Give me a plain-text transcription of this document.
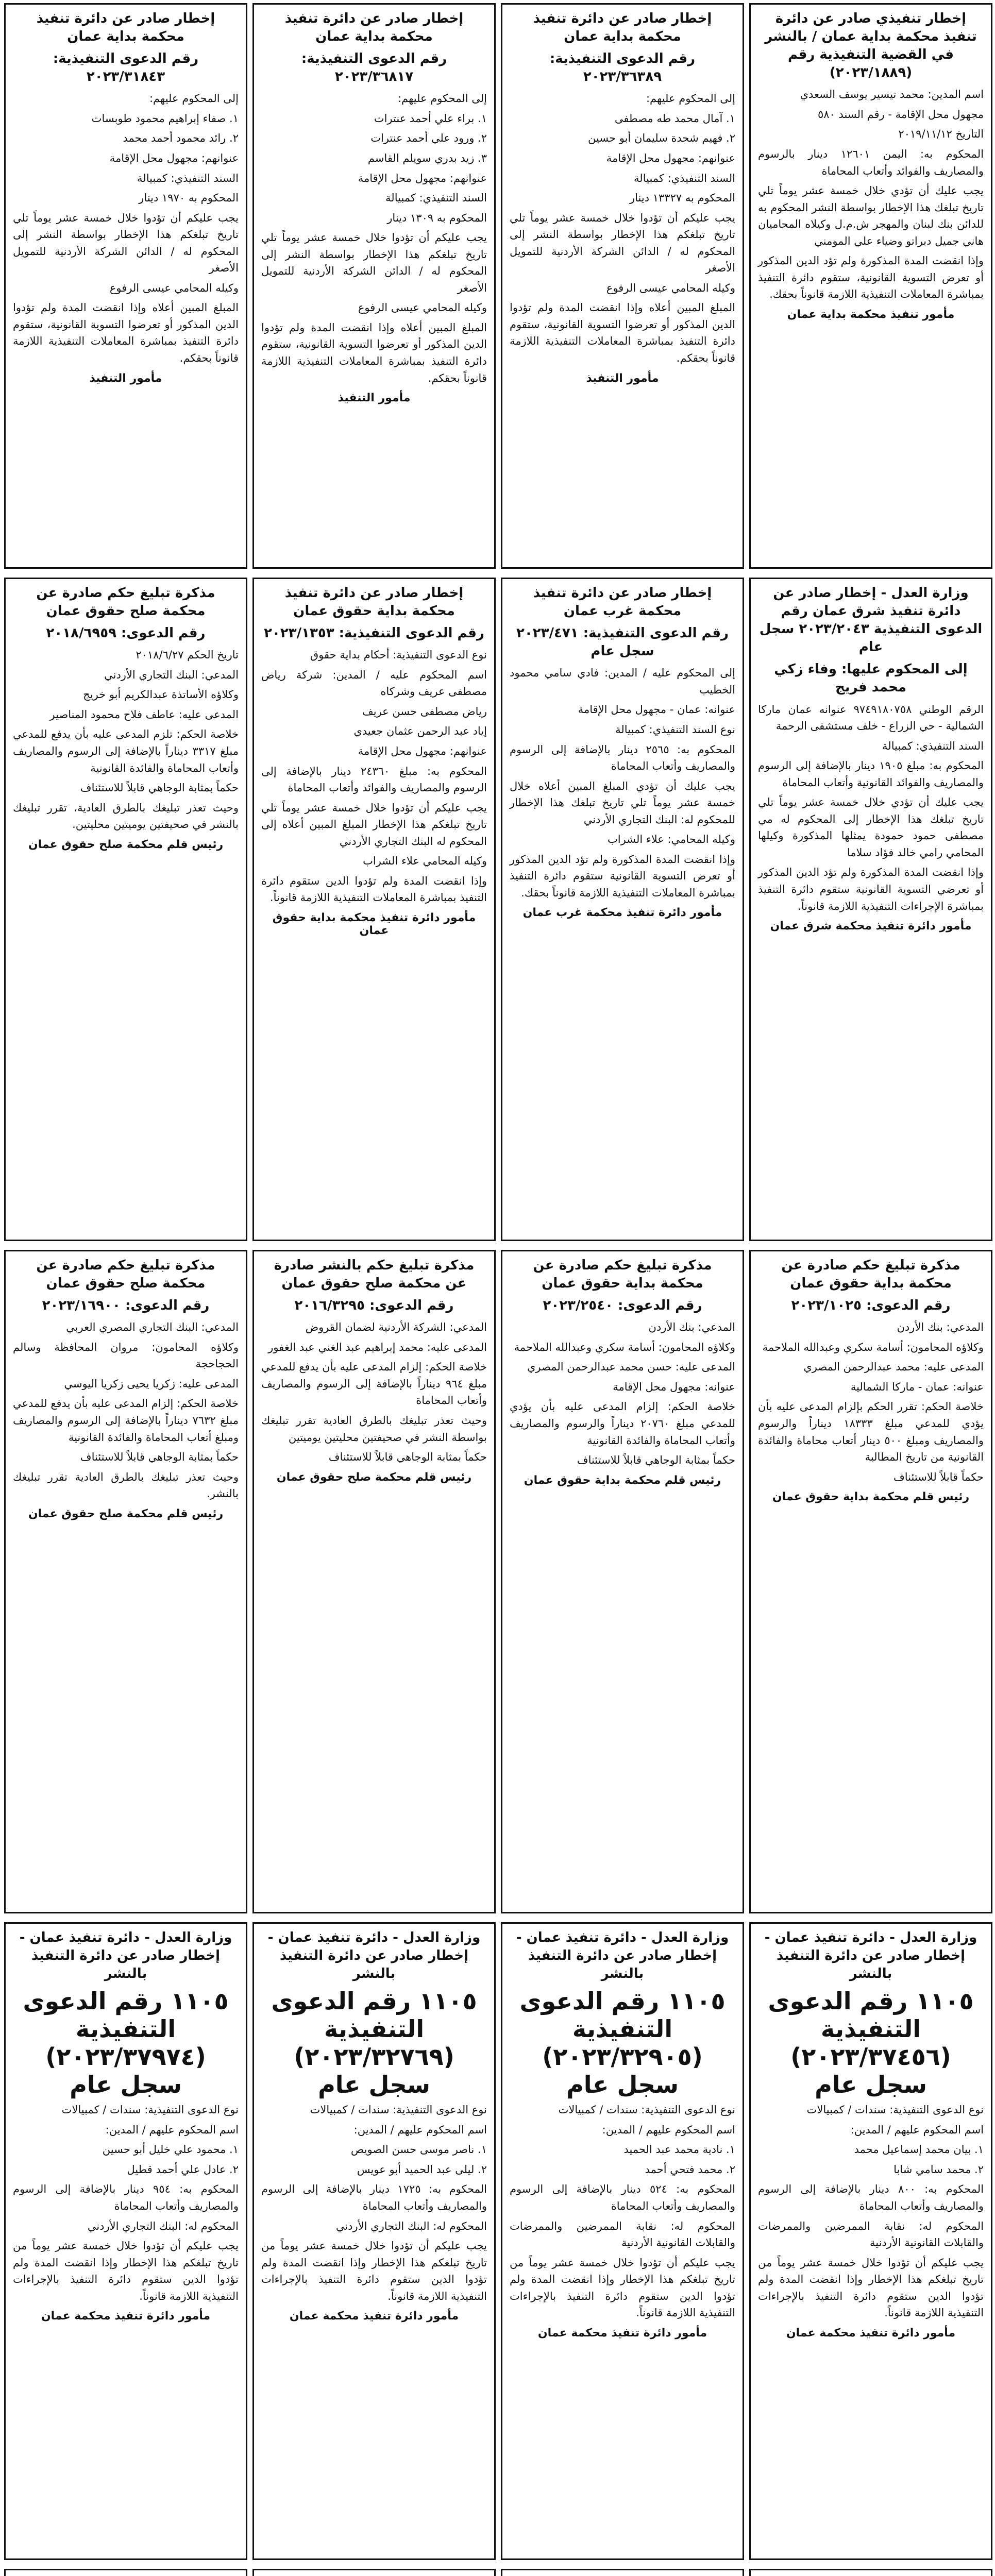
إخطار تنفيذي صادر عن دائرة تنفيذ محكمة بداية عمان / بالنشر في القضية التنفيذية رقم (٢٠٢٣/١٨٨٩)

اسم المدين: محمد تيسير يوسف السعدي

مجهول محل الإقامة - رقم السند ٥٨٠

التاريخ ٢٠١٩/١١/١٢

المحكوم به: اليمن ١٢٦٠١ دينار بالرسوم والمصاريف والفوائد وأتعاب المحاماة

يجب عليك أن تؤدي خلال خمسة عشر يوماً تلي تاريخ تبلغك هذا الإخطار بواسطة النشر المحكوم به للدائن بنك لبنان والمهجر ش.م.ل وكيلاه المحاميان هاني جميل دبراتو وضياء علي المومني

وإذا انقضت المدة المذكورة ولم تؤد الدين المذكور أو تعرض التسوية القانونية، ستقوم دائرة التنفيذ بمباشرة المعاملات التنفيذية اللازمة قانوناً بحقك.

مأمور تنفيذ محكمة بداية عمان
إخطار صادر عن دائرة تنفيذ محكمة بداية عمان
رقم الدعوى التنفيذية: ٢٠٢٣/٣٦٣٨٩

إلى المحكوم عليهم:

١. آمال محمد طه مصطفى

٢. فهيم شحدة سليمان أبو حسين

عنوانهم: مجهول محل الإقامة

السند التنفيذي: كمبيالة

المحكوم به ١٣٣٢٧ دينار

يجب عليكم أن تؤدوا خلال خمسة عشر يوماً تلي تاريخ تبلغكم هذا الإخطار بواسطة النشر إلى المحكوم له / الدائن الشركة الأردنية للتمويل الأصغر

وكيله المحامي عيسى الرفوع

المبلغ المبين أعلاه وإذا انقضت المدة ولم تؤدوا الدين المذكور أو تعرضوا التسوية القانونية، ستقوم دائرة التنفيذ بمباشرة المعاملات التنفيذية اللازمة قانوناً بحقكم.

مأمور التنفيذ
إخطار صادر عن دائرة تنفيذ محكمة بداية عمان
رقم الدعوى التنفيذية: ٢٠٢٣/٣٦٨١٧

إلى المحكوم عليهم:

١. براء علي أحمد عنترات

٢. ورود علي أحمد عنترات

٣. زيد بدري سويلم القاسم

عنوانهم: مجهول محل الإقامة

السند التنفيذي: كمبيالة

المحكوم به ١٣٠٩ دينار

يجب عليكم أن تؤدوا خلال خمسة عشر يوماً تلي تاريخ تبلغكم هذا الإخطار بواسطة النشر إلى المحكوم له / الدائن الشركة الأردنية للتمويل الأصغر

وكيله المحامي عيسى الرفوع

المبلغ المبين أعلاه وإذا انقضت المدة ولم تؤدوا الدين المذكور أو تعرضوا التسوية القانونية، ستقوم دائرة التنفيذ بمباشرة المعاملات التنفيذية اللازمة قانوناً بحقكم.

مأمور التنفيذ
إخطار صادر عن دائرة تنفيذ محكمة بداية عمان
رقم الدعوى التنفيذية: ٢٠٢٣/٣١٨٤٣

إلى المحكوم عليهم:

١. صفاء إبراهيم محمود طوبسات

٢. رائد محمود أحمد محمد

عنوانهم: مجهول محل الإقامة

السند التنفيذي: كمبيالة

المحكوم به ١٩٧٠ دينار

يجب عليكم أن تؤدوا خلال خمسة عشر يوماً تلي تاريخ تبلغكم هذا الإخطار بواسطة النشر إلى المحكوم له / الدائن الشركة الأردنية للتمويل الأصغر

وكيله المحامي عيسى الرفوع

المبلغ المبين أعلاه وإذا انقضت المدة ولم تؤدوا الدين المذكور أو تعرضوا التسوية القانونية، ستقوم دائرة التنفيذ بمباشرة المعاملات التنفيذية اللازمة قانوناً بحقكم.

مأمور التنفيذ
وزارة العدل - إخطار صادر عن دائرة تنفيذ شرق عمان رقم الدعوى التنفيذية ٢٠٢٣/٢٠٤٣ سجل عام
إلى المحكوم عليها: وفاء زكي محمد فريج

الرقم الوطني ٩٧٤٩١٨٠٧٥٨ عنوانه عمان ماركا الشمالية - حي الزراع - خلف مستشفى الرحمة

السند التنفيذي: كمبيالة

المحكوم به: مبلغ ١٩٠٥ دينار بالإضافة إلى الرسوم والمصاريف والفوائد القانونية وأتعاب المحاماة

يجب عليك أن تؤدي خلال خمسة عشر يوماً تلي تاريخ تبلغك هذا الإخطار إلى المحكوم له مي مصطفى حمود حمودة يمثلها المذكورة وكيلها المحامي رامي خالد فؤاد سلاما

وإذا انقضت المدة المذكورة ولم تؤد الدين المذكور أو تعرضي التسوية القانونية ستقوم دائرة التنفيذ بمباشرة الإجراءات التنفيذية اللازمة قانوناً.

مأمور دائرة تنفيذ محكمة شرق عمان
إخطار صادر عن دائرة تنفيذ محكمة غرب عمان
رقم الدعوى التنفيذية: ٢٠٢٣/٤٧١ سجل عام

إلى المحكوم عليه / المدين: فادي سامي محمود الخطيب

عنوانه: عمان - مجهول محل الإقامة

نوع السند التنفيذي: كمبيالة

المحكوم به: ٢٥٦٥ دينار بالإضافة إلى الرسوم والمصاريف وأتعاب المحاماة

يجب عليك أن تؤدي المبلغ المبين أعلاه خلال خمسة عشر يوماً تلي تاريخ تبلغك هذا الإخطار للمحكوم له: البنك التجاري الأردني

وكيله المحامي: علاء الشراب

وإذا انقضت المدة المذكورة ولم تؤد الدين المذكور أو تعرض التسوية القانونية ستقوم دائرة التنفيذ بمباشرة المعاملات التنفيذية اللازمة قانوناً بحقك.

مأمور دائرة تنفيذ محكمة غرب عمان
إخطار صادر عن دائرة تنفيذ محكمة بداية حقوق عمان
رقم الدعوى التنفيذية: ٢٠٢٣/١٣٥٣

نوع الدعوى التنفيذية: أحكام بداية حقوق

اسم المحكوم عليه / المدين: شركة رياض مصطفى عريف وشركاه

رياض مصطفى حسن عريف

إياد عبد الرحمن عثمان جعيدي

عنوانهم: مجهول محل الإقامة

المحكوم به: مبلغ ٢٤٣٦٠ دينار بالإضافة إلى الرسوم والمصاريف والفوائد وأتعاب المحاماة

يجب عليكم أن تؤدوا خلال خمسة عشر يوماً تلي تاريخ تبلغكم هذا الإخطار المبلغ المبين أعلاه إلى المحكوم له البنك التجاري الأردني

وكيله المحامي علاء الشراب

وإذا انقضت المدة ولم تؤدوا الدين ستقوم دائرة التنفيذ بمباشرة المعاملات التنفيذية اللازمة قانوناً.

مأمور دائرة تنفيذ محكمة بداية حقوق عمان
مذكرة تبليغ حكم صادرة عن محكمة صلح حقوق عمان
رقم الدعوى: ٢٠١٨/٦٩٥٩

تاريخ الحكم ٢٠١٨/٦/٢٧

المدعي: البنك التجاري الأردني

وكلاؤه الأساتذة عبدالكريم أبو خريج

المدعى عليه: عاطف فلاح محمود المناصير

خلاصة الحكم: تلزم المدعى عليه بأن يدفع للمدعي مبلغ ٣٣١٧ ديناراً بالإضافة إلى الرسوم والمصاريف وأتعاب المحاماة والفائدة القانونية

حكماً بمثابة الوجاهي قابلاً للاستئناف

وحيث تعذر تبليغك بالطرق العادية، تقرر تبليغك بالنشر في صحيفتين يوميتين محليتين.

رئيس قلم محكمة صلح حقوق عمان
مذكرة تبليغ حكم صادرة عن محكمة بداية حقوق عمان
رقم الدعوى: ٢٠٢٣/١٠٢٥

المدعي: بنك الأردن

وكلاؤه المحامون: أسامة سكري وعبدالله الملاحمة

المدعى عليه: محمد عبدالرحمن المصري

عنوانه: عمان - ماركا الشمالية

خلاصة الحكم: تقرر الحكم بإلزام المدعى عليه بأن يؤدي للمدعي مبلغ ١٨٣٣٣ ديناراً والرسوم والمصاريف ومبلغ ٥٠٠ دينار أتعاب محاماة والفائدة القانونية من تاريخ المطالبة

حكماً قابلاً للاستئناف

رئيس قلم محكمة بداية حقوق عمان
مذكرة تبليغ حكم صادرة عن محكمة بداية حقوق عمان
رقم الدعوى: ٢٠٢٣/٢٥٤٠

المدعي: بنك الأردن

وكلاؤه المحامون: أسامة سكري وعبدالله الملاحمة

المدعى عليه: حسن محمد عبدالرحمن المصري

عنوانه: مجهول محل الإقامة

خلاصة الحكم: إلزام المدعى عليه بأن يؤدي للمدعي مبلغ ٢٠٧٦٠ ديناراً والرسوم والمصاريف وأتعاب المحاماة والفائدة القانونية

حكماً بمثابة الوجاهي قابلاً للاستئناف

رئيس قلم محكمة بداية حقوق عمان
مذكرة تبليغ حكم بالنشر صادرة عن محكمة صلح حقوق عمان
رقم الدعوى: ٢٠١٦/٣٢٩٥

المدعي: الشركة الأردنية لضمان القروض

المدعى عليه: محمد إبراهيم عبد الغني عبد الغفور

خلاصة الحكم: إلزام المدعى عليه بأن يدفع للمدعي مبلغ ٩٦٤ ديناراً بالإضافة إلى الرسوم والمصاريف وأتعاب المحاماة

وحيث تعذر تبليغك بالطرق العادية تقرر تبليغك بواسطة النشر في صحيفتين محليتين يوميتين

حكماً بمثابة الوجاهي قابلاً للاستئناف

رئيس قلم محكمة صلح حقوق عمان
مذكرة تبليغ حكم صادرة عن محكمة صلح حقوق عمان
رقم الدعوى: ٢٠٢٣/١٦٩٠٠

المدعي: البنك التجاري المصري العربي

وكلاؤه المحامون: مروان المحافظة وسالم الحجاحجة

المدعى عليه: زكريا يحيى زكريا اليوسي

خلاصة الحكم: إلزام المدعى عليه بأن يدفع للمدعي مبلغ ٧٦٣٢ ديناراً بالإضافة إلى الرسوم والمصاريف ومبلغ أتعاب المحاماة والفائدة القانونية

حكماً بمثابة الوجاهي قابلاً للاستئناف

وحيث تعذر تبليغك بالطرق العادية تقرر تبليغك بالنشر.

رئيس قلم محكمة صلح حقوق عمان
وزارة العدل - دائرة تنفيذ عمان - إخطار صادر عن دائرة التنفيذ بالنشر
١١٠٥ رقم الدعوى التنفيذية (٢٠٢٣/٣٧٤٥٦) سجل عام

نوع الدعوى التنفيذية: سندات / كمبيالات

اسم المحكوم عليهم / المدين:

١. بيان محمد إسماعيل محمد

٢. محمد سامي شابا

المحكوم به: ٨٠٠ دينار بالإضافة إلى الرسوم والمصاريف وأتعاب المحاماة

المحكوم له: نقابة الممرضين والممرضات والقابلات القانونية الأردنية

يجب عليكم أن تؤدوا خلال خمسة عشر يوماً من تاريخ تبلغكم هذا الإخطار وإذا انقضت المدة ولم تؤدوا الدين ستقوم دائرة التنفيذ بالإجراءات التنفيذية اللازمة قانوناً.

مأمور دائرة تنفيذ محكمة عمان
وزارة العدل - دائرة تنفيذ عمان - إخطار صادر عن دائرة التنفيذ بالنشر
١١٠٥ رقم الدعوى التنفيذية (٢٠٢٣/٣٢٩٠٥) سجل عام

نوع الدعوى التنفيذية: سندات / كمبيالات

اسم المحكوم عليهم / المدين:

١. نادية محمد عبد الحميد

٢. محمد فتحي أحمد

المحكوم به: ٥٢٤ دينار بالإضافة إلى الرسوم والمصاريف وأتعاب المحاماة

المحكوم له: نقابة الممرضين والممرضات والقابلات القانونية الأردنية

يجب عليكم أن تؤدوا خلال خمسة عشر يوماً من تاريخ تبلغكم هذا الإخطار وإذا انقضت المدة ولم تؤدوا الدين ستقوم دائرة التنفيذ بالإجراءات التنفيذية اللازمة قانوناً.

مأمور دائرة تنفيذ محكمة عمان
وزارة العدل - دائرة تنفيذ عمان - إخطار صادر عن دائرة التنفيذ بالنشر
١١٠٥ رقم الدعوى التنفيذية (٢٠٢٣/٣٢٧٦٩) سجل عام

نوع الدعوى التنفيذية: سندات / كمبيالات

اسم المحكوم عليهم / المدين:

١. ناصر موسى حسن الصويص

٢. ليلى عبد الحميد أبو عويس

المحكوم به: ١٧٢٥ دينار بالإضافة إلى الرسوم والمصاريف وأتعاب المحاماة

المحكوم له: البنك التجاري الأردني

يجب عليكم أن تؤدوا خلال خمسة عشر يوماً من تاريخ تبلغكم هذا الإخطار وإذا انقضت المدة ولم تؤدوا الدين ستقوم دائرة التنفيذ بالإجراءات التنفيذية اللازمة قانوناً.

مأمور دائرة تنفيذ محكمة عمان
وزارة العدل - دائرة تنفيذ عمان - إخطار صادر عن دائرة التنفيذ بالنشر
١١٠٥ رقم الدعوى التنفيذية (٢٠٢٣/٣٧٩٧٤) سجل عام

نوع الدعوى التنفيذية: سندات / كمبيالات

اسم المحكوم عليهم / المدين:

١. محمود علي خليل أبو حسين

٢. عادل علي أحمد قطيل

المحكوم به: ٩٥٤ دينار بالإضافة إلى الرسوم والمصاريف وأتعاب المحاماة

المحكوم له: البنك التجاري الأردني

يجب عليكم أن تؤدوا خلال خمسة عشر يوماً من تاريخ تبلغكم هذا الإخطار وإذا انقضت المدة ولم تؤدوا الدين ستقوم دائرة التنفيذ بالإجراءات التنفيذية اللازمة قانوناً.

مأمور دائرة تنفيذ محكمة عمان
